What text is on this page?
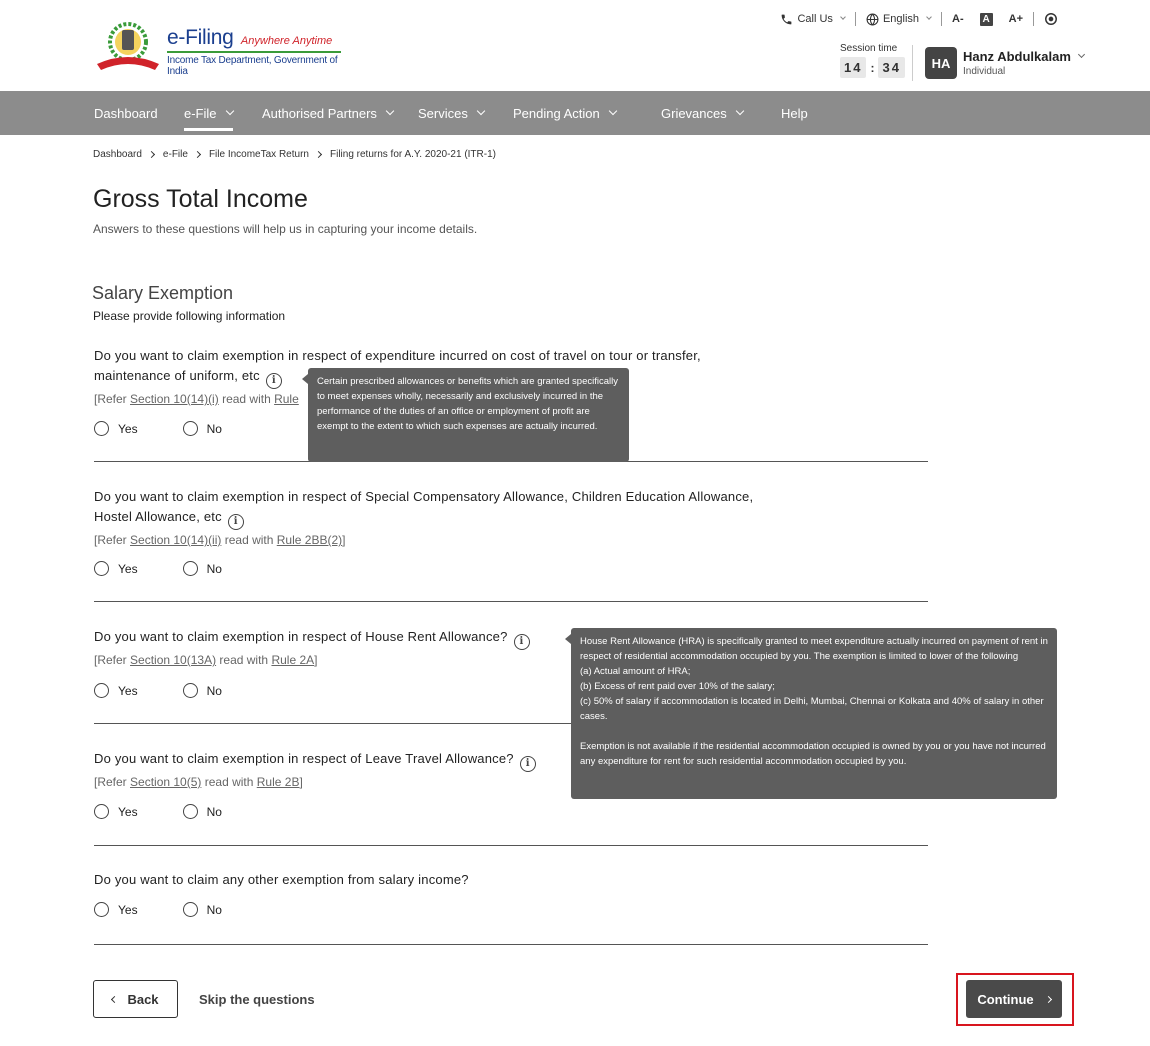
e-Filing Anywhere Anytime
Income Tax Department, Government of India
Call Us	English	A- A A+
Session time
14 : 34	HA Hanz Abdulkalam
Individual
Dashboard e-File	Authorised Partners	Services	Pending Action	Grievances	Help
Dashboard e-File File IncomeTax Return Filing returns for A.Y. 2020-21 (ITR-1)
Gross Total Income
Answers to these questions will help us in capturing your income details.
Salary Exemption
Please provide following information
Do you want to claim exemption in respect of expenditure incurred on cost of travel on tour or transfer,
maintenance of uniform, etc i
[Refer Section 10(14)(i) read with Rule
Yes	No

Certain prescribed allowances or benefits which are granted specifically to meet expenses wholly, necessarily and exclusively incurred in the performance of the duties of an office or employment of profit are exempt to the extent to which such expenses are actually incurred.

Do you want to claim exemption in respect of Special Compensatory Allowance, Children Education Allowance,
Hostel Allowance, etc i
[Refer Section 10(14)(ii) read with Rule 2BB(2)]
Yes	No
Do you want to claim exemption in respect of House Rent Allowance? i
[Refer Section 10(13A) read with Rule 2A]
Yes	No
Do you want to claim exemption in respect of Leave Travel Allowance? i
[Refer Section 10(5) read with Rule 2B]
Yes	No
Do you want to claim any other exemption from salary income?
Yes	No

House Rent Allowance (HRA) is specifically granted to meet expenditure actually incurred on payment of rent in respect of residential accommodation occupied by you. The exemption is limited to lower of the following

(a) Actual amount of HRA;

(b) Excess of rent paid over 10% of the salary;

(c) 50% of salary if accommodation is located in Delhi, Mumbai, Chennai or Kolkata and 40% of salary in other cases.

Exemption is not available if the residential accommodation occupied is owned by you or you have not incurred any expenditure for rent for such residential accommodation occupied by you.

Back	Skip the questions	Continue
